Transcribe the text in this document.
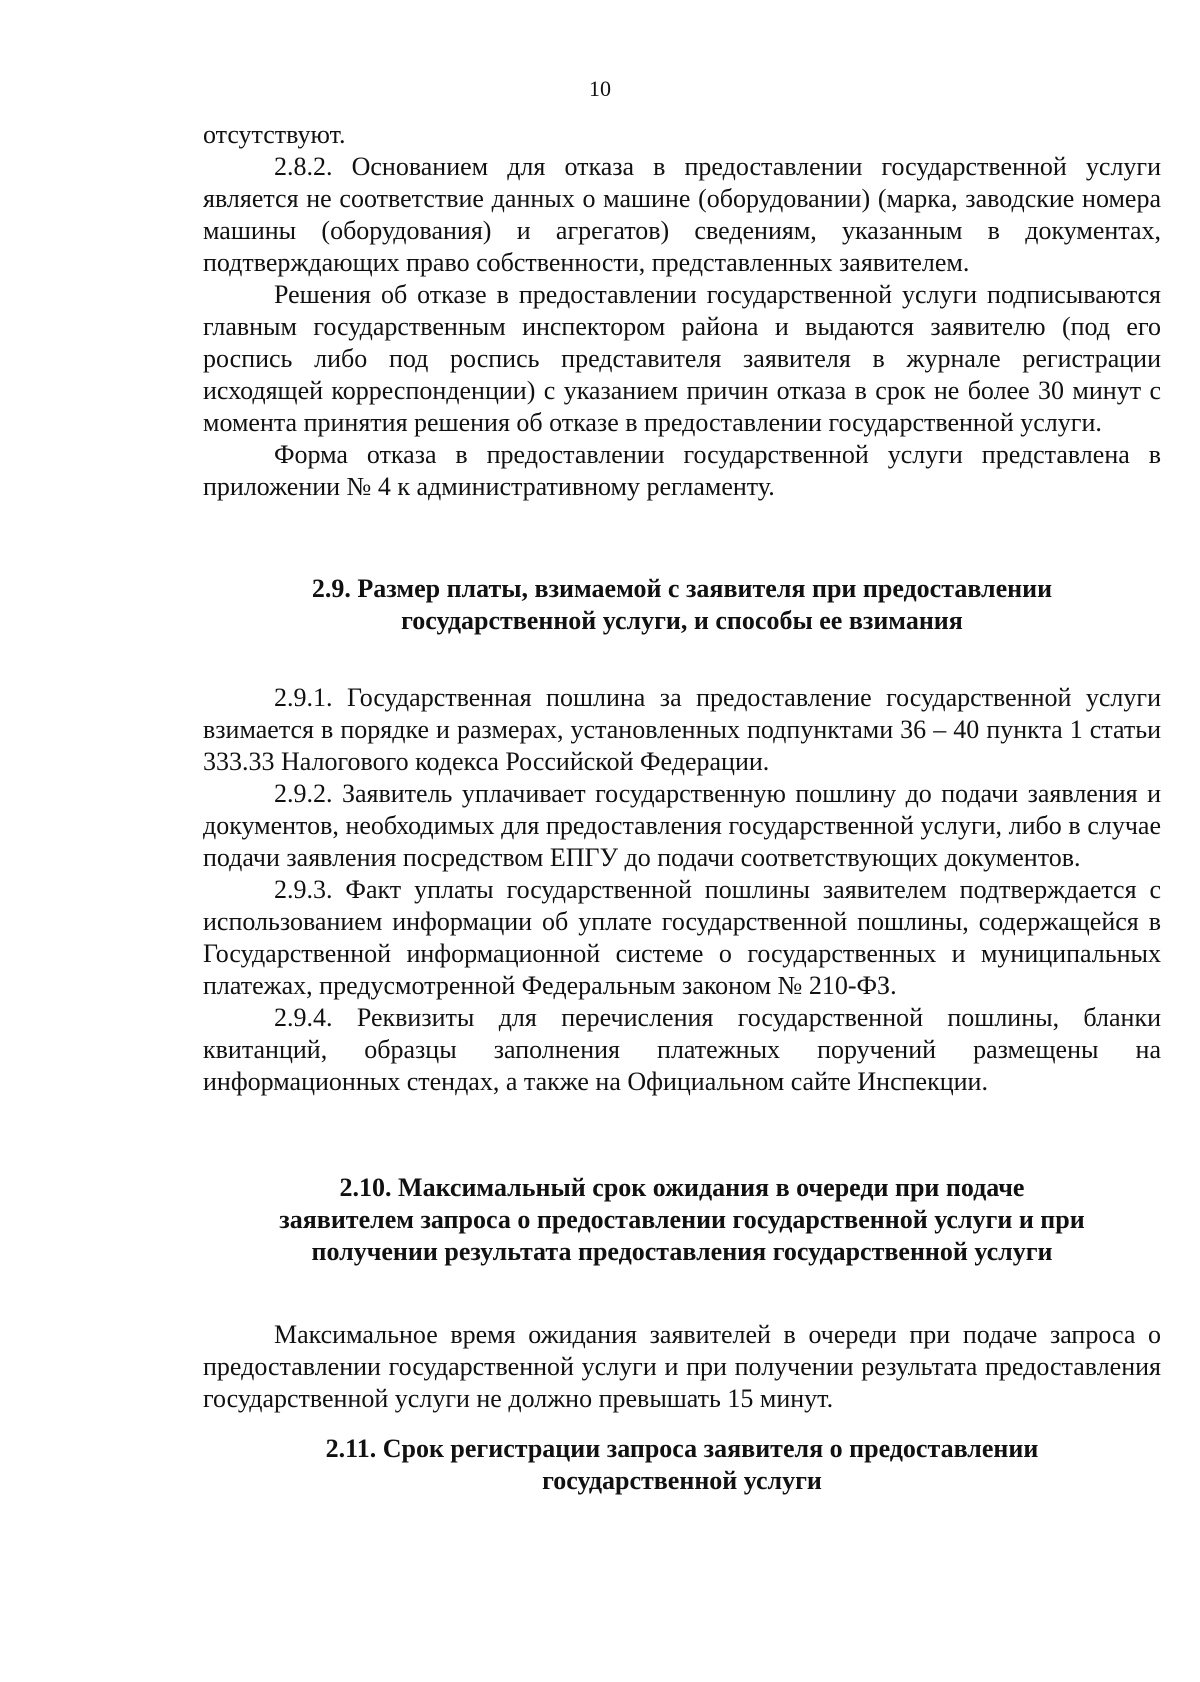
10

отсутствуют.

2.8.2. Основанием для отказа в предоставлении государственной услуги является не соответствие данных о машине (оборудовании) (марка, заводские номера машины (оборудования) и агрегатов) сведениям, указанным в документах, подтверждающих право собственности, представленных заявителем.

Решения об отказе в предоставлении государственной услуги подписываются главным государственным инспектором района и выдаются заявителю (под его роспись либо под роспись представителя заявителя в журнале регистрации исходящей корреспонденции) с указанием причин отказа в срок не более 30 минут с момента принятия решения об отказе в предоставлении государственной услуги.

Форма отказа в предоставлении государственной услуги представлена в приложении № 4 к административному регламенту.

2.9. Размер платы, взимаемой с заявителя при предоставлении
государственной услуги, и способы ее взимания

2.9.1. Государственная пошлина за предоставление государственной услуги взимается в порядке и размерах, установленных подпунктами 36 – 40 пункта 1 статьи 333.33 Налогового кодекса Российской Федерации.

2.9.2. Заявитель уплачивает государственную пошлину до подачи заявления и документов, необходимых для предоставления государственной услуги, либо в случае подачи заявления посредством ЕПГУ до подачи соответствующих документов.

2.9.3. Факт уплаты государственной пошлины заявителем подтверждается с использованием информации об уплате государственной пошлины, содержащейся в Государственной информационной системе о государственных и муниципальных платежах, предусмотренной Федеральным законом № 210-ФЗ.

2.9.4. Реквизиты для перечисления государственной пошлины, бланки квитанций, образцы заполнения платежных поручений размещены на информационных стендах, а также на Официальном сайте Инспекции.

2.10. Максимальный срок ожидания в очереди при подаче
заявителем запроса о предоставлении государственной услуги и при
получении результата предоставления государственной услуги

Максимальное время ожидания заявителей в очереди при подаче запроса о предоставлении государственной услуги и при получении результата предоставления государственной услуги не должно превышать 15 минут.

2.11. Срок регистрации запроса заявителя о предоставлении
государственной услуги
